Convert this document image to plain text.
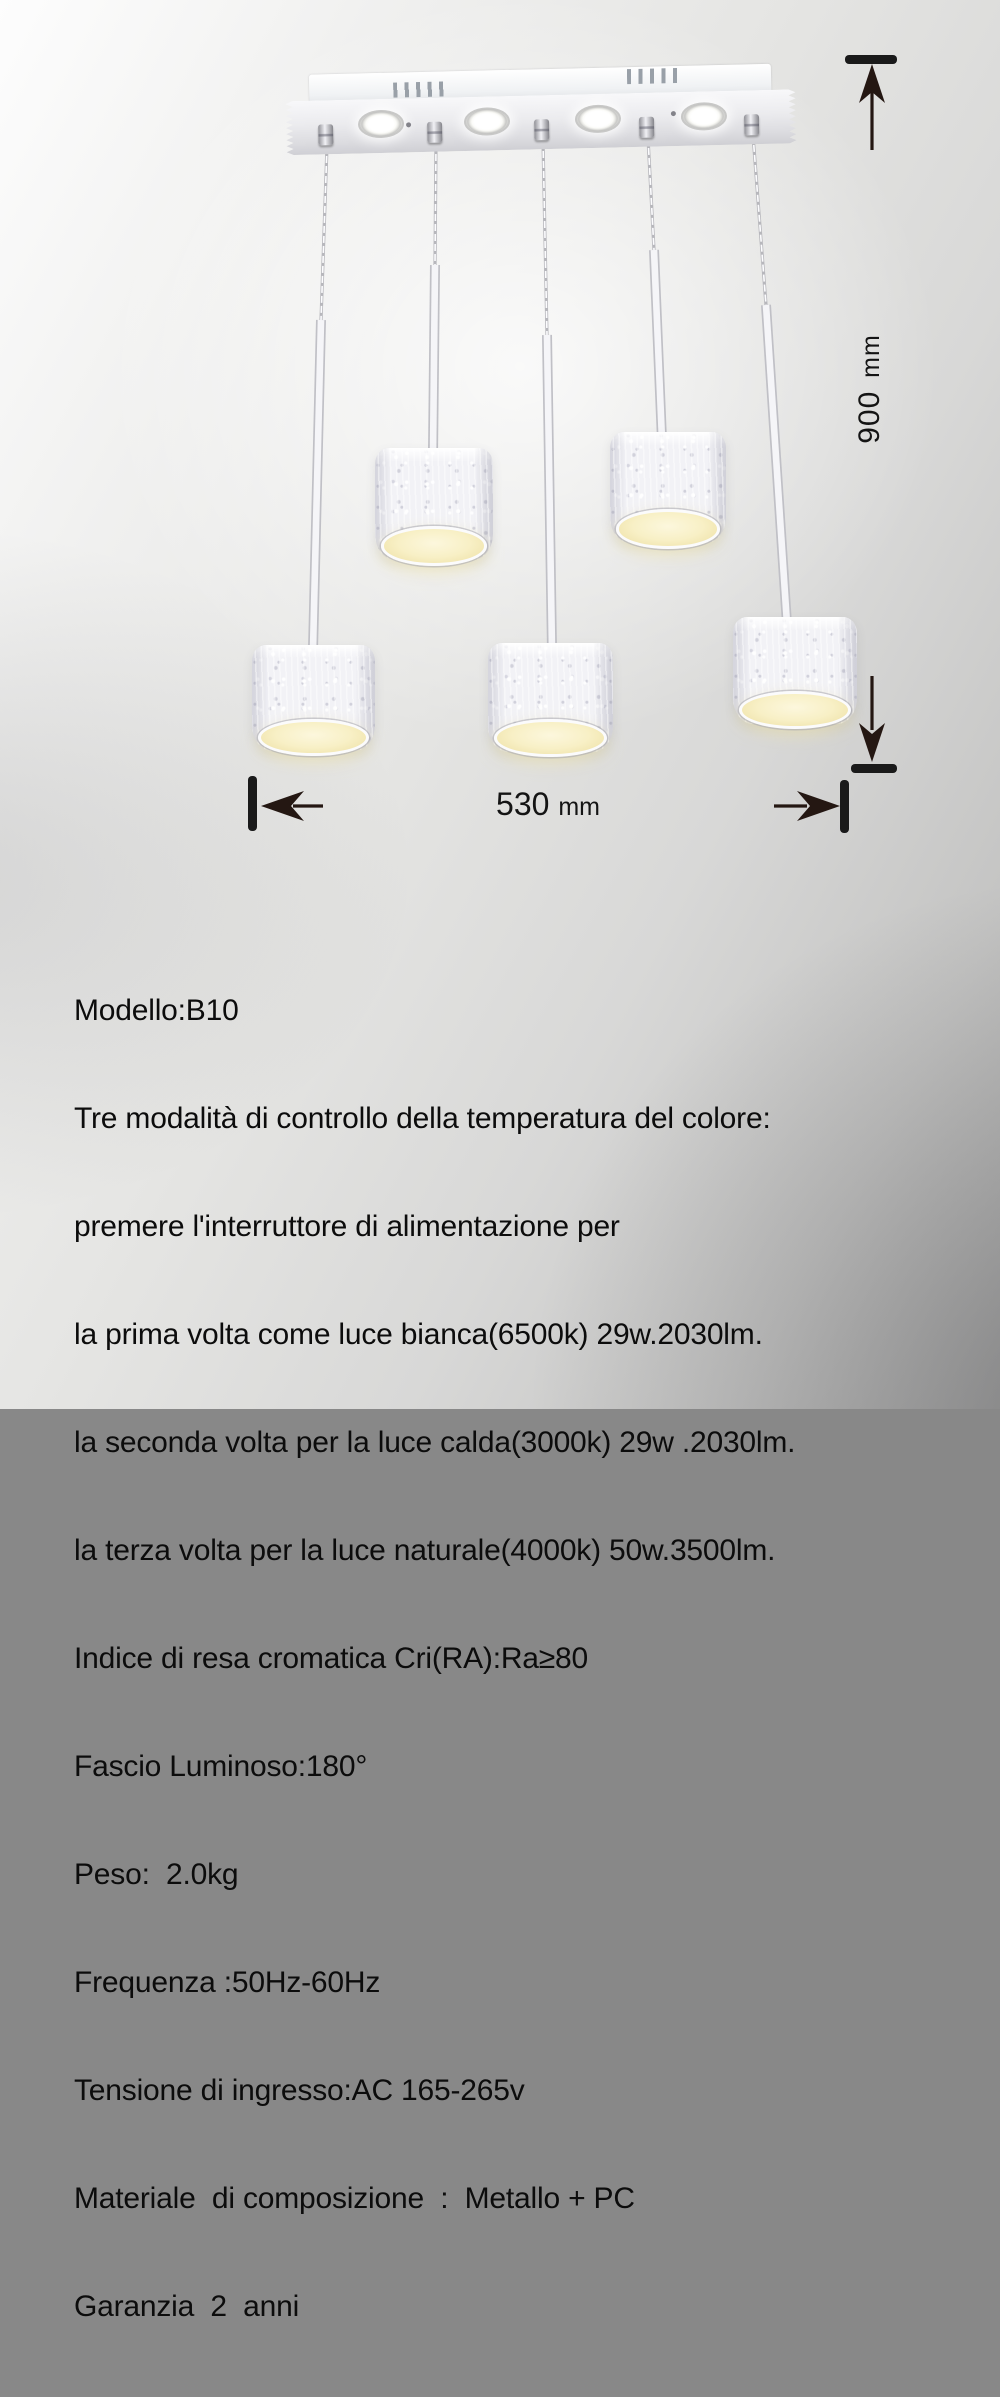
900  mm
530 mm

Modello:B10

Tre modalità di controllo della temperatura del colore:

premere l'interruttore di alimentazione per

la prima volta come luce bianca(6500k) 29w.2030lm.

la seconda volta per la luce calda(3000k) 29w .2030lm.

la terza volta per la luce naturale(4000k) 50w.3500lm.

Indice di resa cromatica Cri(RA):Ra≥80

Fascio Luminoso:180°

Peso:  2.0kg

Frequenza :50Hz-60Hz

Tensione di ingresso:AC 165-265v

Materiale  di composizione  :  Metallo + PC

Garanzia  2  anni
